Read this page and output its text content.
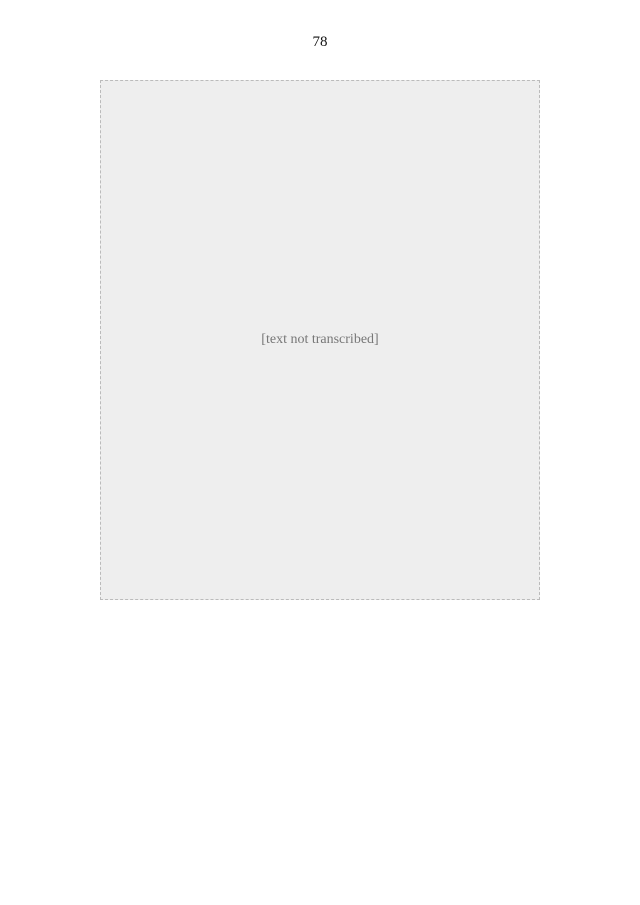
78
[text not transcribed]
